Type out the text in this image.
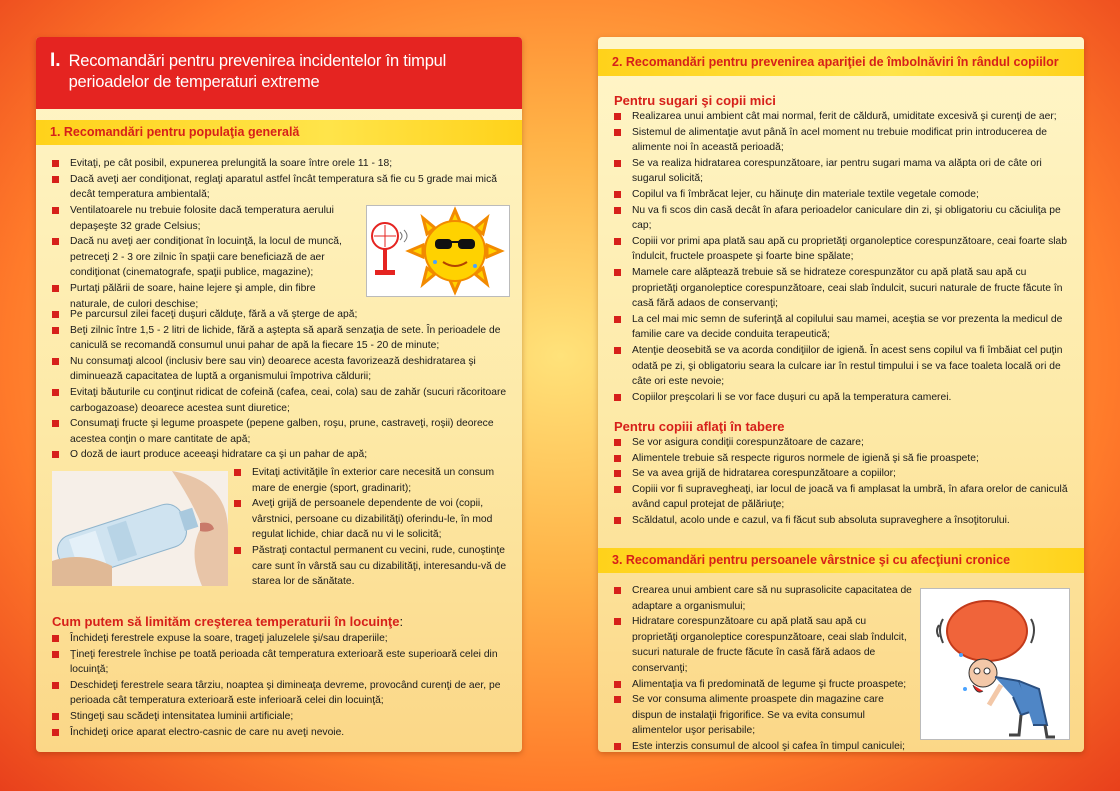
I. Recomandări pentru prevenirea incidentelor în timpul
perioadelor de temperaturi extreme
1. Recomandări pentru populaţia generală
Evitaţi, pe cât posibil, expunerea prelungită la soare între orele 11 - 18;
Dacă aveţi aer condiţionat, reglaţi aparatul astfel încât temperatura să fie cu 5 grade mai mică decât temperatura ambientală;
Ventilatoarele nu trebuie folosite dacă temperatura aerului depaşeşte 32 grade Celsius;
Dacă nu aveţi aer condiţionat în locuinţă, la locul de muncă, petreceţi 2 - 3 ore zilnic în spaţii care beneficiază de aer condiţionat (cinematografe, spaţii publice, magazine);
Purtaţi pălării de soare, haine lejere şi ample, din fibre naturale, de culori deschise;
Pe parcursul zilei faceţi duşuri călduţe, fără a vă şterge de apă;
Beţi zilnic între 1,5 - 2 litri de lichide, fără a aştepta să apară senzaţia de sete. În perioadele de caniculă se recomandă consumul unui pahar de apă la fiecare 15 - 20 de minute;
Nu consumaţi alcool (inclusiv bere sau vin) deoarece acesta favorizează deshidratarea şi diminuează capacitatea de luptă a organismului împotriva căldurii;
Evitaţi băuturile cu conţinut ridicat de cofeină (cafea, ceai, cola) sau de zahăr (sucuri răcoritoare carbogazoase) deoarece acestea sunt diuretice;
Consumaţi fructe şi legume proaspete (pepene galben, roşu, prune, castraveţi, roşii) deorece acestea conţin o mare cantitate de apă;
O doză de iaurt produce aceeaşi hidratare ca şi un pahar de apă;
Evitaţi activităţile în exterior care necesită un consum mare de energie (sport, gradinarit);
Aveţi grijă de persoanele dependente de voi (copii, vârstnici, persoane cu dizabilităţi) oferindu-le, în mod regulat lichide, chiar dacă nu vi le solicită;
Păstraţi contactul permanent cu vecini, rude, cunoştinţe care sunt în vârstă sau cu dizabilităţi, interesandu-vă de starea lor de sănătate.
Cum putem să limităm creşterea temperaturii în locuinţe:
Închideţi ferestrele expuse la soare, trageţi jaluzelele şi/sau draperiile;
Ţineţi ferestrele închise pe toată perioada cât temperatura exterioară este superioară celei din locuinţă;
Deschideţi ferestrele seara târziu, noaptea şi dimineaţa devreme, provocând curenţi de aer, pe perioada cât temperatura exterioară este inferioară celei din locuinţă;
Stingeţi sau scădeţi intensitatea luminii artificiale;
Închideţi orice aparat electro-casnic de care nu aveţi nevoie.
2. Recomandări pentru prevenirea apariţiei de îmbolnăviri în rândul copiilor
Pentru sugari şi copii mici
Realizarea unui ambient cât mai normal, ferit de căldură, umiditate excesivă şi curenţi de aer;
Sistemul de alimentaţie avut până în acel moment nu trebuie modificat prin introducerea de alimente noi în această perioadă;
Se va realiza hidratarea corespunzătoare, iar pentru sugari mama va alăpta ori de câte ori sugarul solicită;
Copilul va fi îmbrăcat lejer, cu hăinuţe din materiale textile vegetale comode;
Nu va fi scos din casă decât în afara perioadelor caniculare din zi, şi obligatoriu cu căciuliţa pe cap;
Copiii vor primi apa plată sau apă cu proprietăţi organoleptice corespunzătoare, ceai foarte slab îndulcit, fructele proaspete şi foarte bine spălate;
Mamele care alăptează trebuie să se hidrateze corespunzător cu apă plată sau apă cu proprietăţi organoleptice corespunzătoare, ceai slab îndulcit, sucuri naturale de fructe făcute în casă fără adaos de conservanţi;
La cel mai mic semn de suferinţă al copilului sau mamei, aceştia se vor prezenta la medicul de familie care va decide conduita terapeutică;
Atenţie deosebită se va acorda condiţiilor de igienă. În acest sens copilul va fi îmbăiat cel puţin odată pe zi, şi obligatoriu seara la culcare iar în restul timpului i se va face toaleta locală ori de câte ori este nevoie;
Copiilor preşcolari li se vor face duşuri cu apă la temperatura camerei.
Pentru copiii aflaţi în tabere
Se vor asigura condiţii corespunzătoare de cazare;
Alimentele trebuie să respecte riguros normele de igienă şi să fie proaspete;
Se va avea grijă de hidratarea corespunzătoare a copiilor;
Copiii vor fi supravegheaţi, iar locul de joacă va fi amplasat la umbră, în afara orelor de caniculă având capul protejat de pălăriuţe;
Scăldatul, acolo unde e cazul, va fi făcut sub absoluta supraveghere a însoţitorului.
3. Recomandări pentru persoanele vârstnice şi cu afecţiuni cronice
Crearea unui ambient care să nu suprasolicite capacitatea de adaptare a organismului;
Hidratare corespunzătoare cu apă plată sau apă cu proprietăţi organoleptice corespunzătoare, ceai slab îndulcit, sucuri naturale de fructe făcute în casă fără adaos de conservanţi;
Alimentaţia va fi predominată de legume şi fructe proaspete;
Se vor consuma alimente proaspete din magazine care dispun de instalaţii frigorifice. Se va evita consumul alimentelor uşor perisabile;
Este interzis consumul de alcool şi cafea în timpul caniculei;
